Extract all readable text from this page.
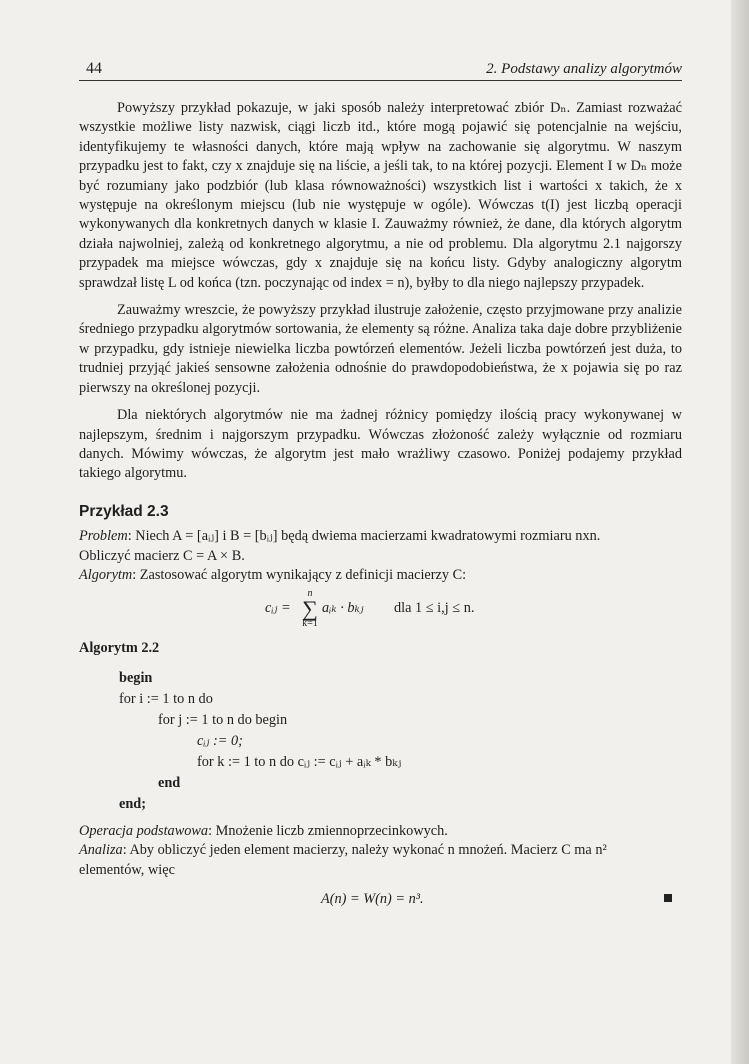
44	2. Podstawy analizy algorytmów

Powyższy przykład pokazuje, w jaki sposób należy interpretować zbiór Dₙ. Zamiast rozważać wszystkie możliwe listy nazwisk, ciągi liczb itd., które mogą pojawić się potencjalnie na wejściu, identyfikujemy te własności danych, które mają wpływ na zachowanie się algorytmu. W naszym przypadku jest to fakt, czy x znajduje się na liście, a jeśli tak, to na której pozycji. Element I w Dₙ może być rozumiany jako podzbiór (lub klasa równoważności) wszystkich list i wartości x takich, że x występuje na określonym miejscu (lub nie występuje w ogóle). Wówczas t(I) jest liczbą operacji wykonywanych dla konkretnych danych w klasie I. Zauważmy również, że dane, dla których algorytm działa najwolniej, zależą od konkretnego algorytmu, a nie od problemu. Dla algorytmu 2.1 najgorszy przypadek ma miejsce wówczas, gdy x znajduje się na końcu listy. Gdyby analogiczny algorytm sprawdzał listę L od końca (tzn. poczynając od index = n), byłby to dla niego najlepszy przypadek.

Zauważmy wreszcie, że powyższy przykład ilustruje założenie, często przyjmowane przy analizie średniego przypadku algorytmów sortowania, że elementy są różne. Analiza taka daje dobre przybliżenie w przypadku, gdy istnieje niewielka liczba powtórzeń elementów. Jeżeli liczba powtórzeń jest duża, to trudniej przyjąć jakieś sensowne założenia odnośnie do prawdopodobieństwa, że x pojawia się po raz pierwszy na określonej pozycji.

Dla niektórych algorytmów nie ma żadnej różnicy pomiędzy ilością pracy wykonywanej w najlepszym, średnim i najgorszym przypadku. Wówczas złożoność zależy wyłącznie od rozmiaru danych. Mówimy wówczas, że algorytm jest mało wrażliwy czasowo. Poniżej podajemy przykład takiego algorytmu.

Przykład 2.3
Problem: Niech A = [aᵢⱼ] i B = [bᵢⱼ] będą dwiema macierzami kwadratowymi rozmiaru nxn.
Obliczyć macierz C = A × B.
Algorytm: Zastosować algorytm wynikający z definicji macierzy C:
cᵢⱼ =
n
∑
k=1
aᵢₖ · bₖⱼ dla 1 ≤ i,j ≤ n.
Algorytm 2.2
begin
for i := 1 to n do
for j := 1 to n do begin
cᵢⱼ := 0;
for k := 1 to n do cᵢⱼ := cᵢⱼ + aᵢₖ * bₖⱼ
end
end;
Operacja podstawowa: Mnożenie liczb zmiennoprzecinkowych.
Analiza: Aby obliczyć jeden element macierzy, należy wykonać n mnożeń. Macierz C ma n²
elementów, więc
A(n) = W(n) = n³.
